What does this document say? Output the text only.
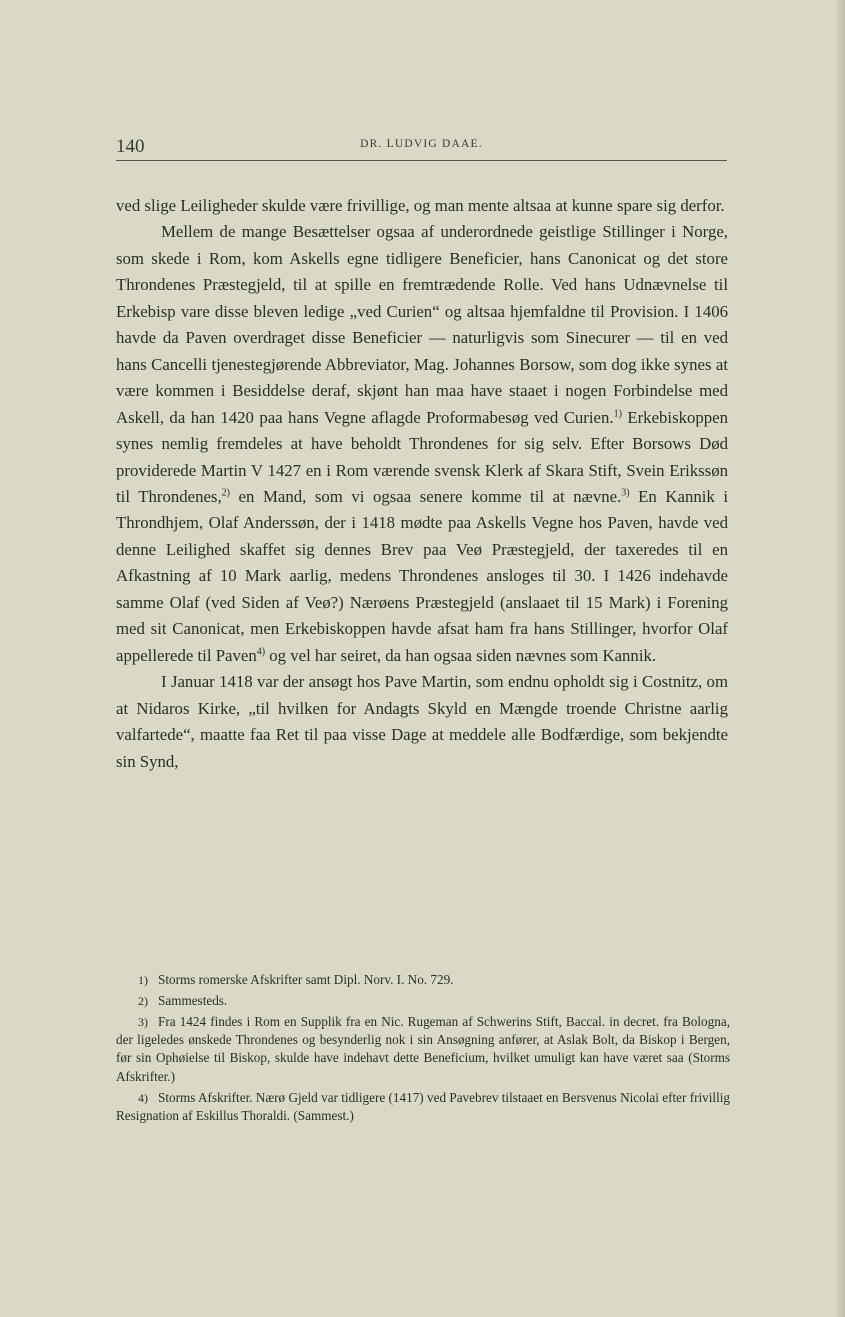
140	DR. LUDVIG DAAE.

ved slige Leiligheder skulde være frivillige, og man mente altsaa at kunne spare sig derfor.

Mellem de mange Besættelser ogsaa af underordnede geistlige Stillinger i Norge, som skede i Rom, kom Askells egne tidligere Beneficier, hans Canonicat og det store Throndenes Præstegjeld, til at spille en fremtrædende Rolle. Ved hans Udnævnelse til Erkebisp vare disse bleven ledige „ved Curien“ og altsaa hjemfaldne til Provision. I 1406 havde da Paven overdraget disse Beneficier — naturligvis som Sinecurer — til en ved hans Cancelli tjenestegjørende Abbreviator, Mag. Johannes Borsow, som dog ikke synes at være kommen i Besiddelse deraf, skjønt han maa have staaet i nogen Forbindelse med Askell, da han 1420 paa hans Vegne aflagde Proformabesøg ved Curien.$^{1)}$ Erkebiskoppen synes nemlig fremdeles at have beholdt Throndenes for sig selv. Efter Borsows Død providerede Martin V 1427 en i Rom værende svensk Klerk af Skara Stift, Svein Erikssøn til Throndenes,$^{2)}$ en Mand, som vi ogsaa senere komme til at nævne.$^{3)}$ En Kannik i Throndhjem, Olaf Anderssøn, der i 1418 mødte paa Askells Vegne hos Paven, havde ved denne Leilighed skaffet sig dennes Brev paa Veø Præstegjeld, der taxeredes til en Afkastning af 10 Mark aarlig, medens Throndenes ansloges til 30. I 1426 indehavde samme Olaf (ved Siden af Veø?) Nærøens Præstegjeld (anslaaet til 15 Mark) i Forening med sit Canonicat, men Erkebiskoppen havde afsat ham fra hans Stillinger, hvorfor Olaf appellerede til Paven$^{4)}$ og vel har seiret, da han ogsaa siden nævnes som Kannik.

I Januar 1418 var der ansøgt hos Pave Martin, som endnu opholdt sig i Costnitz, om at Nidaros Kirke, „til hvilken for Andagts Skyld en Mængde troende Christne aarlig valfartede“, maatte faa Ret til paa visse Dage at meddele alle Bodfærdige, som bekjendte sin Synd,

1) Storms romerske Afskrifter samt Dipl. Norv. I. No. 729.

2) Sammesteds.

3) Fra 1424 findes i Rom en Supplik fra en Nic. Rugeman af Schwerins Stift, Baccal. in decret. fra Bologna, der ligeledes ønskede Throndenes og besynderlig nok i sin Ansøgning anfører, at Aslak Bolt, da Biskop i Bergen, før sin Ophøielse til Biskop, skulde have indehavt dette Beneficium, hvilket umuligt kan have været saa (Storms Afskrifter.)

4) Storms Afskrifter. Nærø Gjeld var tidligere (1417) ved Pavebrev tilstaaet en Bersvenus Nicolai efter frivillig Resignation af Eskillus Thoraldi. (Sammest.)
